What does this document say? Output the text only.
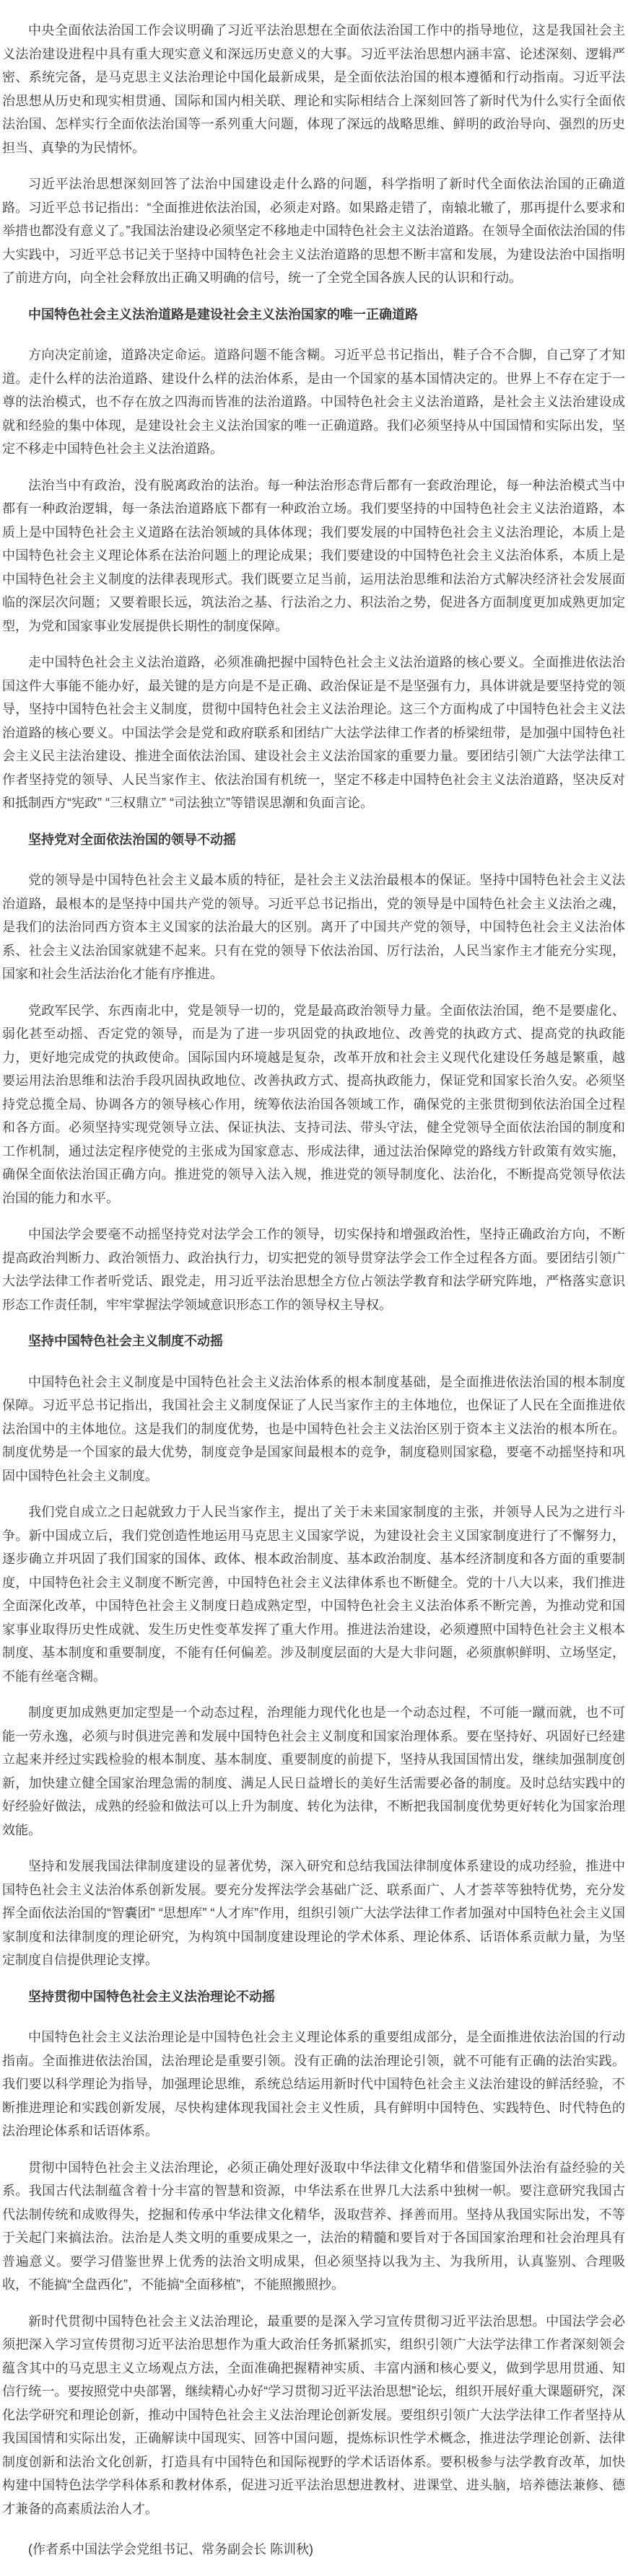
中央全面依法治国工作会议明确了习近平法治思想在全面依法治国工作中的指导地位，这是我国社会主义法治建设进程中具有重大现实意义和深远历史意义的大事。习近平法治思想内涵丰富、论述深刻、逻辑严密、系统完备，是马克思主义法治理论中国化最新成果，是全面依法治国的根本遵循和行动指南。习近平法治思想从历史和现实相贯通、国际和国内相关联、理论和实际相结合上深刻回答了新时代为什么实行全面依法治国、怎样实行全面依法治国等一系列重大问题，体现了深远的战略思维、鲜明的政治导向、强烈的历史担当、真挚的为民情怀。

习近平法治思想深刻回答了法治中国建设走什么路的问题，科学指明了新时代全面依法治国的正确道路。习近平总书记指出：“全面推进依法治国，必须走对路。如果路走错了，南辕北辙了，那再提什么要求和举措也都没有意义了。”我国法治建设必须坚定不移地走中国特色社会主义法治道路。在领导全面依法治国的伟大实践中，习近平总书记关于坚持中国特色社会主义法治道路的思想不断丰富和发展，为建设法治中国指明了前进方向，向全社会释放出正确又明确的信号，统一了全党全国各族人民的认识和行动。

中国特色社会主义法治道路是建设社会主义法治国家的唯一正确道路

方向决定前途，道路决定命运。道路问题不能含糊。习近平总书记指出，鞋子合不合脚，自己穿了才知道。走什么样的法治道路、建设什么样的法治体系，是由一个国家的基本国情决定的。世界上不存在定于一尊的法治模式，也不存在放之四海而皆准的法治道路。中国特色社会主义法治道路，是社会主义法治建设成就和经验的集中体现，是建设社会主义法治国家的唯一正确道路。我们必须坚持从中国国情和实际出发，坚定不移走中国特色社会主义法治道路。

法治当中有政治，没有脱离政治的法治。每一种法治形态背后都有一套政治理论，每一种法治模式当中都有一种政治逻辑，每一条法治道路底下都有一种政治立场。我们要坚持的中国特色社会主义法治道路，本质上是中国特色社会主义道路在法治领域的具体体现；我们要发展的中国特色社会主义法治理论，本质上是中国特色社会主义理论体系在法治问题上的理论成果；我们要建设的中国特色社会主义法治体系，本质上是中国特色社会主义制度的法律表现形式。我们既要立足当前，运用法治思维和法治方式解决经济社会发展面临的深层次问题；又要着眼长远，筑法治之基、行法治之力、积法治之势，促进各方面制度更加成熟更加定型，为党和国家事业发展提供长期性的制度保障。

走中国特色社会主义法治道路，必须准确把握中国特色社会主义法治道路的核心要义。全面推进依法治国这件大事能不能办好，最关键的是方向是不是正确、政治保证是不是坚强有力，具体讲就是要坚持党的领导，坚持中国特色社会主义制度，贯彻中国特色社会主义法治理论。这三个方面构成了中国特色社会主义法治道路的核心要义。中国法学会是党和政府联系和团结广大法学法律工作者的桥梁纽带，是加强中国特色社会主义民主法治建设、推进全面依法治国、建设社会主义法治国家的重要力量。要团结引领广大法学法律工作者坚持党的领导、人民当家作主、依法治国有机统一，坚定不移走中国特色社会主义法治道路，坚决反对和抵制西方“宪政” “三权鼎立” “司法独立”等错误思潮和负面言论。

坚持党对全面依法治国的领导不动摇

党的领导是中国特色社会主义最本质的特征，是社会主义法治最根本的保证。坚持中国特色社会主义法治道路，最根本的是坚持中国共产党的领导。习近平总书记指出，党的领导是中国特色社会主义法治之魂，是我们的法治同西方资本主义国家的法治最大的区别。离开了中国共产党的领导，中国特色社会主义法治体系、社会主义法治国家就建不起来。只有在党的领导下依法治国、厉行法治，人民当家作主才能充分实现，国家和社会生活法治化才能有序推进。

党政军民学、东西南北中，党是领导一切的，党是最高政治领导力量。全面依法治国，绝不是要虚化、弱化甚至动摇、否定党的领导，而是为了进一步巩固党的执政地位、改善党的执政方式、提高党的执政能力，更好地完成党的执政使命。国际国内环境越是复杂，改革开放和社会主义现代化建设任务越是繁重，越要运用法治思维和法治手段巩固执政地位、改善执政方式、提高执政能力，保证党和国家长治久安。必须坚持党总揽全局、协调各方的领导核心作用，统筹依法治国各领域工作，确保党的主张贯彻到依法治国全过程和各方面。必须坚持实现党领导立法、保证执法、支持司法、带头守法，健全党领导全面依法治国的制度和工作机制，通过法定程序使党的主张成为国家意志、形成法律，通过法治保障党的路线方针政策有效实施，确保全面依法治国正确方向。推进党的领导入法入规，推进党的领导制度化、法治化，不断提高党领导依法治国的能力和水平。

中国法学会要毫不动摇坚持党对法学会工作的领导，切实保持和增强政治性，坚持正确政治方向，不断提高政治判断力、政治领悟力、政治执行力，切实把党的领导贯穿法学会工作全过程各方面。要团结引领广大法学法律工作者听党话、跟党走，用习近平法治思想全方位占领法学教育和法学研究阵地，严格落实意识形态工作责任制，牢牢掌握法学领域意识形态工作的领导权主导权。

坚持中国特色社会主义制度不动摇

中国特色社会主义制度是中国特色社会主义法治体系的根本制度基础，是全面推进依法治国的根本制度保障。习近平总书记指出，我国社会主义制度保证了人民当家作主的主体地位，也保证了人民在全面推进依法治国中的主体地位。这是我们的制度优势，也是中国特色社会主义法治区别于资本主义法治的根本所在。制度优势是一个国家的最大优势，制度竞争是国家间最根本的竞争，制度稳则国家稳，要毫不动摇坚持和巩固中国特色社会主义制度。

我们党自成立之日起就致力于人民当家作主，提出了关于未来国家制度的主张，并领导人民为之进行斗争。新中国成立后，我们党创造性地运用马克思主义国家学说，为建设社会主义国家制度进行了不懈努力，逐步确立并巩固了我们国家的国体、政体、根本政治制度、基本政治制度、基本经济制度和各方面的重要制度，中国特色社会主义制度不断完善，中国特色社会主义法律体系也不断健全。党的十八大以来，我们推进全面深化改革，中国特色社会主义制度日趋成熟定型，中国特色社会主义法治体系不断完善，为推动党和国家事业取得历史性成就、发生历史性变革发挥了重大作用。推进法治建设，必须遵照中国特色社会主义根本制度、基本制度和重要制度，不能有任何偏差。涉及制度层面的大是大非问题，必须旗帜鲜明、立场坚定，不能有丝毫含糊。

制度更加成熟更加定型是一个动态过程，治理能力现代化也是一个动态过程，不可能一蹴而就，也不可能一劳永逸，必须与时俱进完善和发展中国特色社会主义制度和国家治理体系。要在坚持好、巩固好已经建立起来并经过实践检验的根本制度、基本制度、重要制度的前提下，坚持从我国国情出发，继续加强制度创新，加快建立健全国家治理急需的制度、满足人民日益增长的美好生活需要必备的制度。及时总结实践中的好经验好做法，成熟的经验和做法可以上升为制度、转化为法律，不断把我国制度优势更好转化为国家治理效能。

坚持和发展我国法律制度建设的显著优势，深入研究和总结我国法律制度体系建设的成功经验，推进中国特色社会主义法治体系创新发展。要充分发挥法学会基础广泛、联系面广、人才荟萃等独特优势，充分发挥全面依法治国的“智囊团” “思想库” “人才库”作用，组织引领广大法学法律工作者加强对中国特色社会主义国家制度和法律制度的理论研究，为构筑中国制度建设理论的学术体系、理论体系、话语体系贡献力量，为坚定制度自信提供理论支撑。

坚持贯彻中国特色社会主义法治理论不动摇

中国特色社会主义法治理论是中国特色社会主义理论体系的重要组成部分，是全面推进依法治国的行动指南。全面推进依法治国，法治理论是重要引领。没有正确的法治理论引领，就不可能有正确的法治实践。我们要以科学理论为指导，加强理论思维，系统总结运用新时代中国特色社会主义法治建设的鲜活经验，不断推进理论和实践创新发展，尽快构建体现我国社会主义性质，具有鲜明中国特色、实践特色、时代特色的法治理论体系和话语体系。

贯彻中国特色社会主义法治理论，必须正确处理好汲取中华法律文化精华和借鉴国外法治有益经验的关系。我国古代法制蕴含着十分丰富的智慧和资源，中华法系在世界几大法系中独树一帜。要注意研究我国古代法制传统和成败得失，挖掘和传承中华法律文化精华，汲取营养、择善而用。坚持从我国实际出发，不等于关起门来搞法治。法治是人类文明的重要成果之一，法治的精髓和要旨对于各国国家治理和社会治理具有普遍意义。要学习借鉴世界上优秀的法治文明成果，但必须坚持以我为主、为我所用，认真鉴别、合理吸收，不能搞“全盘西化”，不能搞“全面移植”，不能照搬照抄。

新时代贯彻中国特色社会主义法治理论，最重要的是深入学习宣传贯彻习近平法治思想。中国法学会必须把深入学习宣传贯彻习近平法治思想作为重大政治任务抓紧抓实，组织引领广大法学法律工作者深刻领会蕴含其中的马克思主义立场观点方法，全面准确把握精神实质、丰富内涵和核心要义，做到学思用贯通、知信行统一。要按照党中央部署，继续精心办好“学习贯彻习近平法治思想”论坛，组织开展好重大课题研究，深化法学研究和理论创新，推动中国特色社会主义法治理论创新发展。要组织引领广大法学法律工作者坚持从我国国情和实际出发，正确解读中国现实、回答中国问题，提炼标识性学术概念，推进法学理论创新、法律制度创新和法治文化创新，打造具有中国特色和国际视野的学术话语体系。要积极参与法学教育改革，加快构建中国特色法学学科体系和教材体系，促进习近平法治思想进教材、进课堂、进头脑，培养德法兼修、德才兼备的高素质法治人才。

(作者系中国法学会党组书记、常务副会长 陈训秋)
